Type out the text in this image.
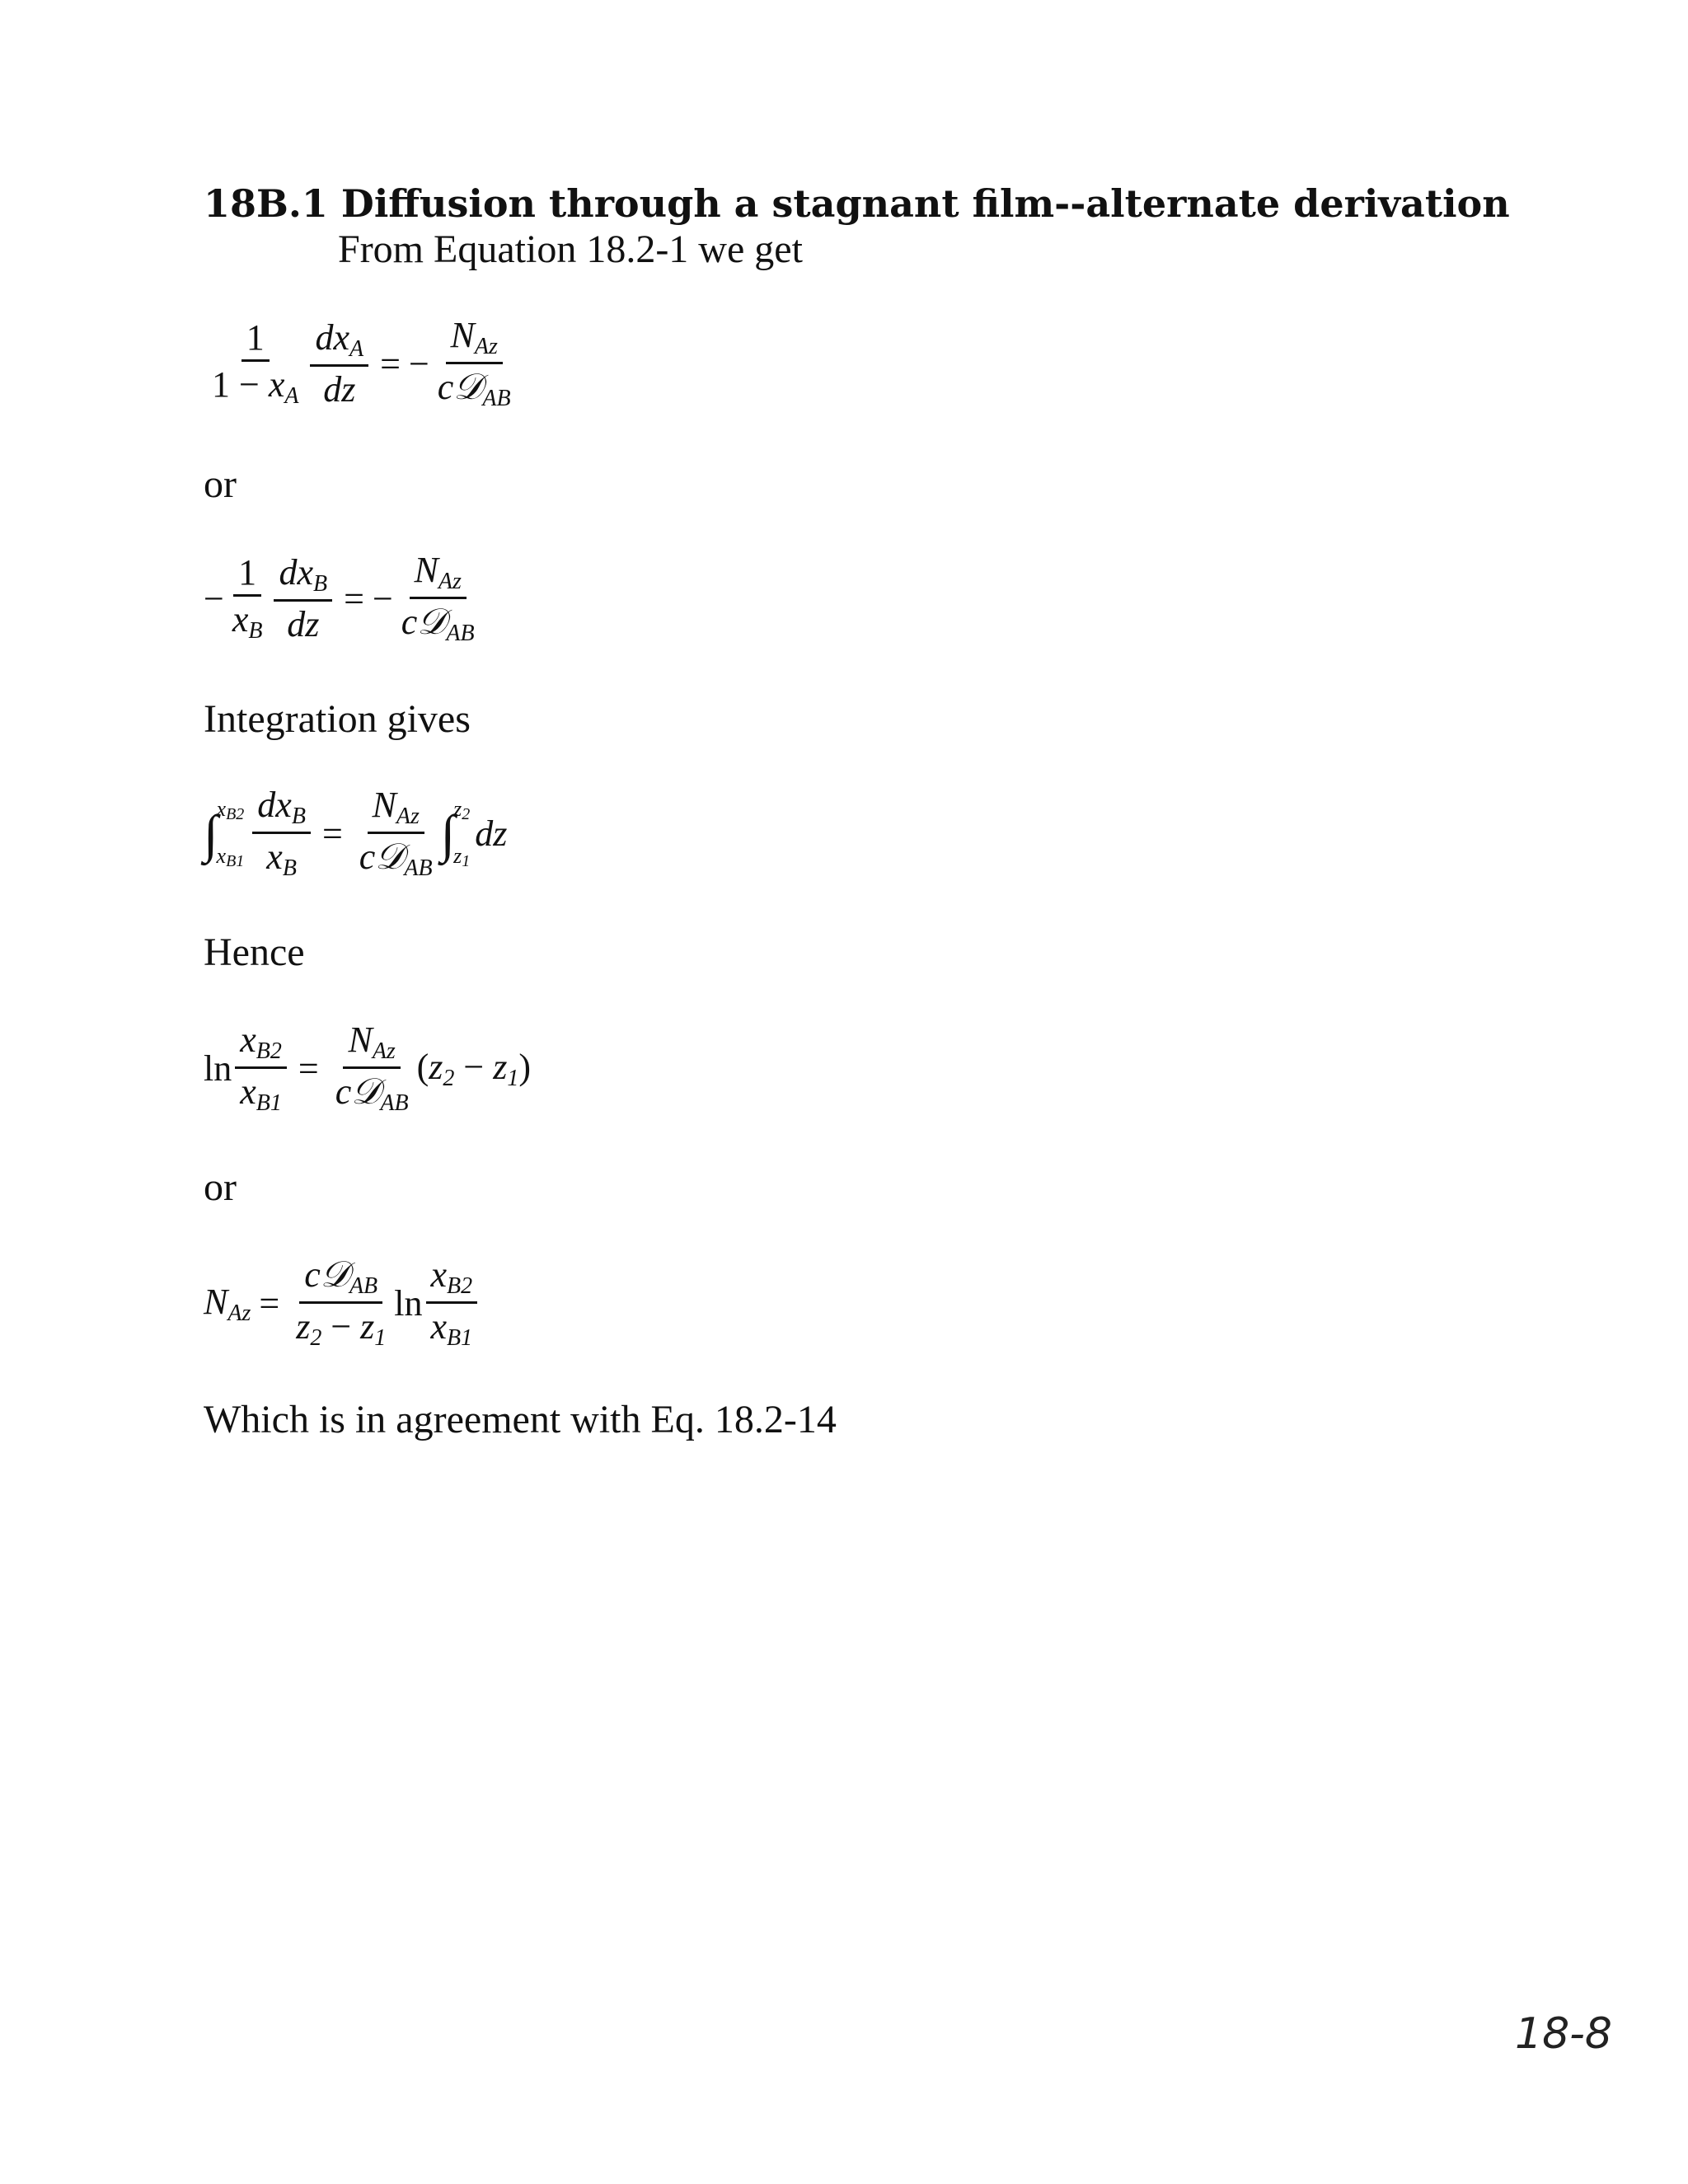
18B.1 Diffusion through a stagnant film--alternate derivation
From Equation 18.2-1 we get
$\frac{1}{1 - x_A} \frac{dx_A}{dz}$ = − $\frac{N_{Az}}{c𝒟_{AB}}$
or
− $\frac{1}{x_B} \frac{dx_B}{dz}$ = − $\frac{N_{Az}}{c𝒟_{AB}}$
Integration gives
∫
$x_{B2}$
$x_{B1} \frac{dx_B}{x_B} = \frac{N_{Az}}{c𝒟_{AB}}$ ∫
$z_2$
$z_1$
dz
Hence
$\ln \frac{x_{B2}}{x_{B1}} = \frac{N_{Az}}{c𝒟_{AB}} (z_2 - z_1)$
or
$N_{Az} = \frac{c𝒟_{AB}}{z_2 - z_1}$ $\ln \frac{x_{B2}}{x_{B1}}$
Which is in agreement with Eq. 18.2-14
18-8
